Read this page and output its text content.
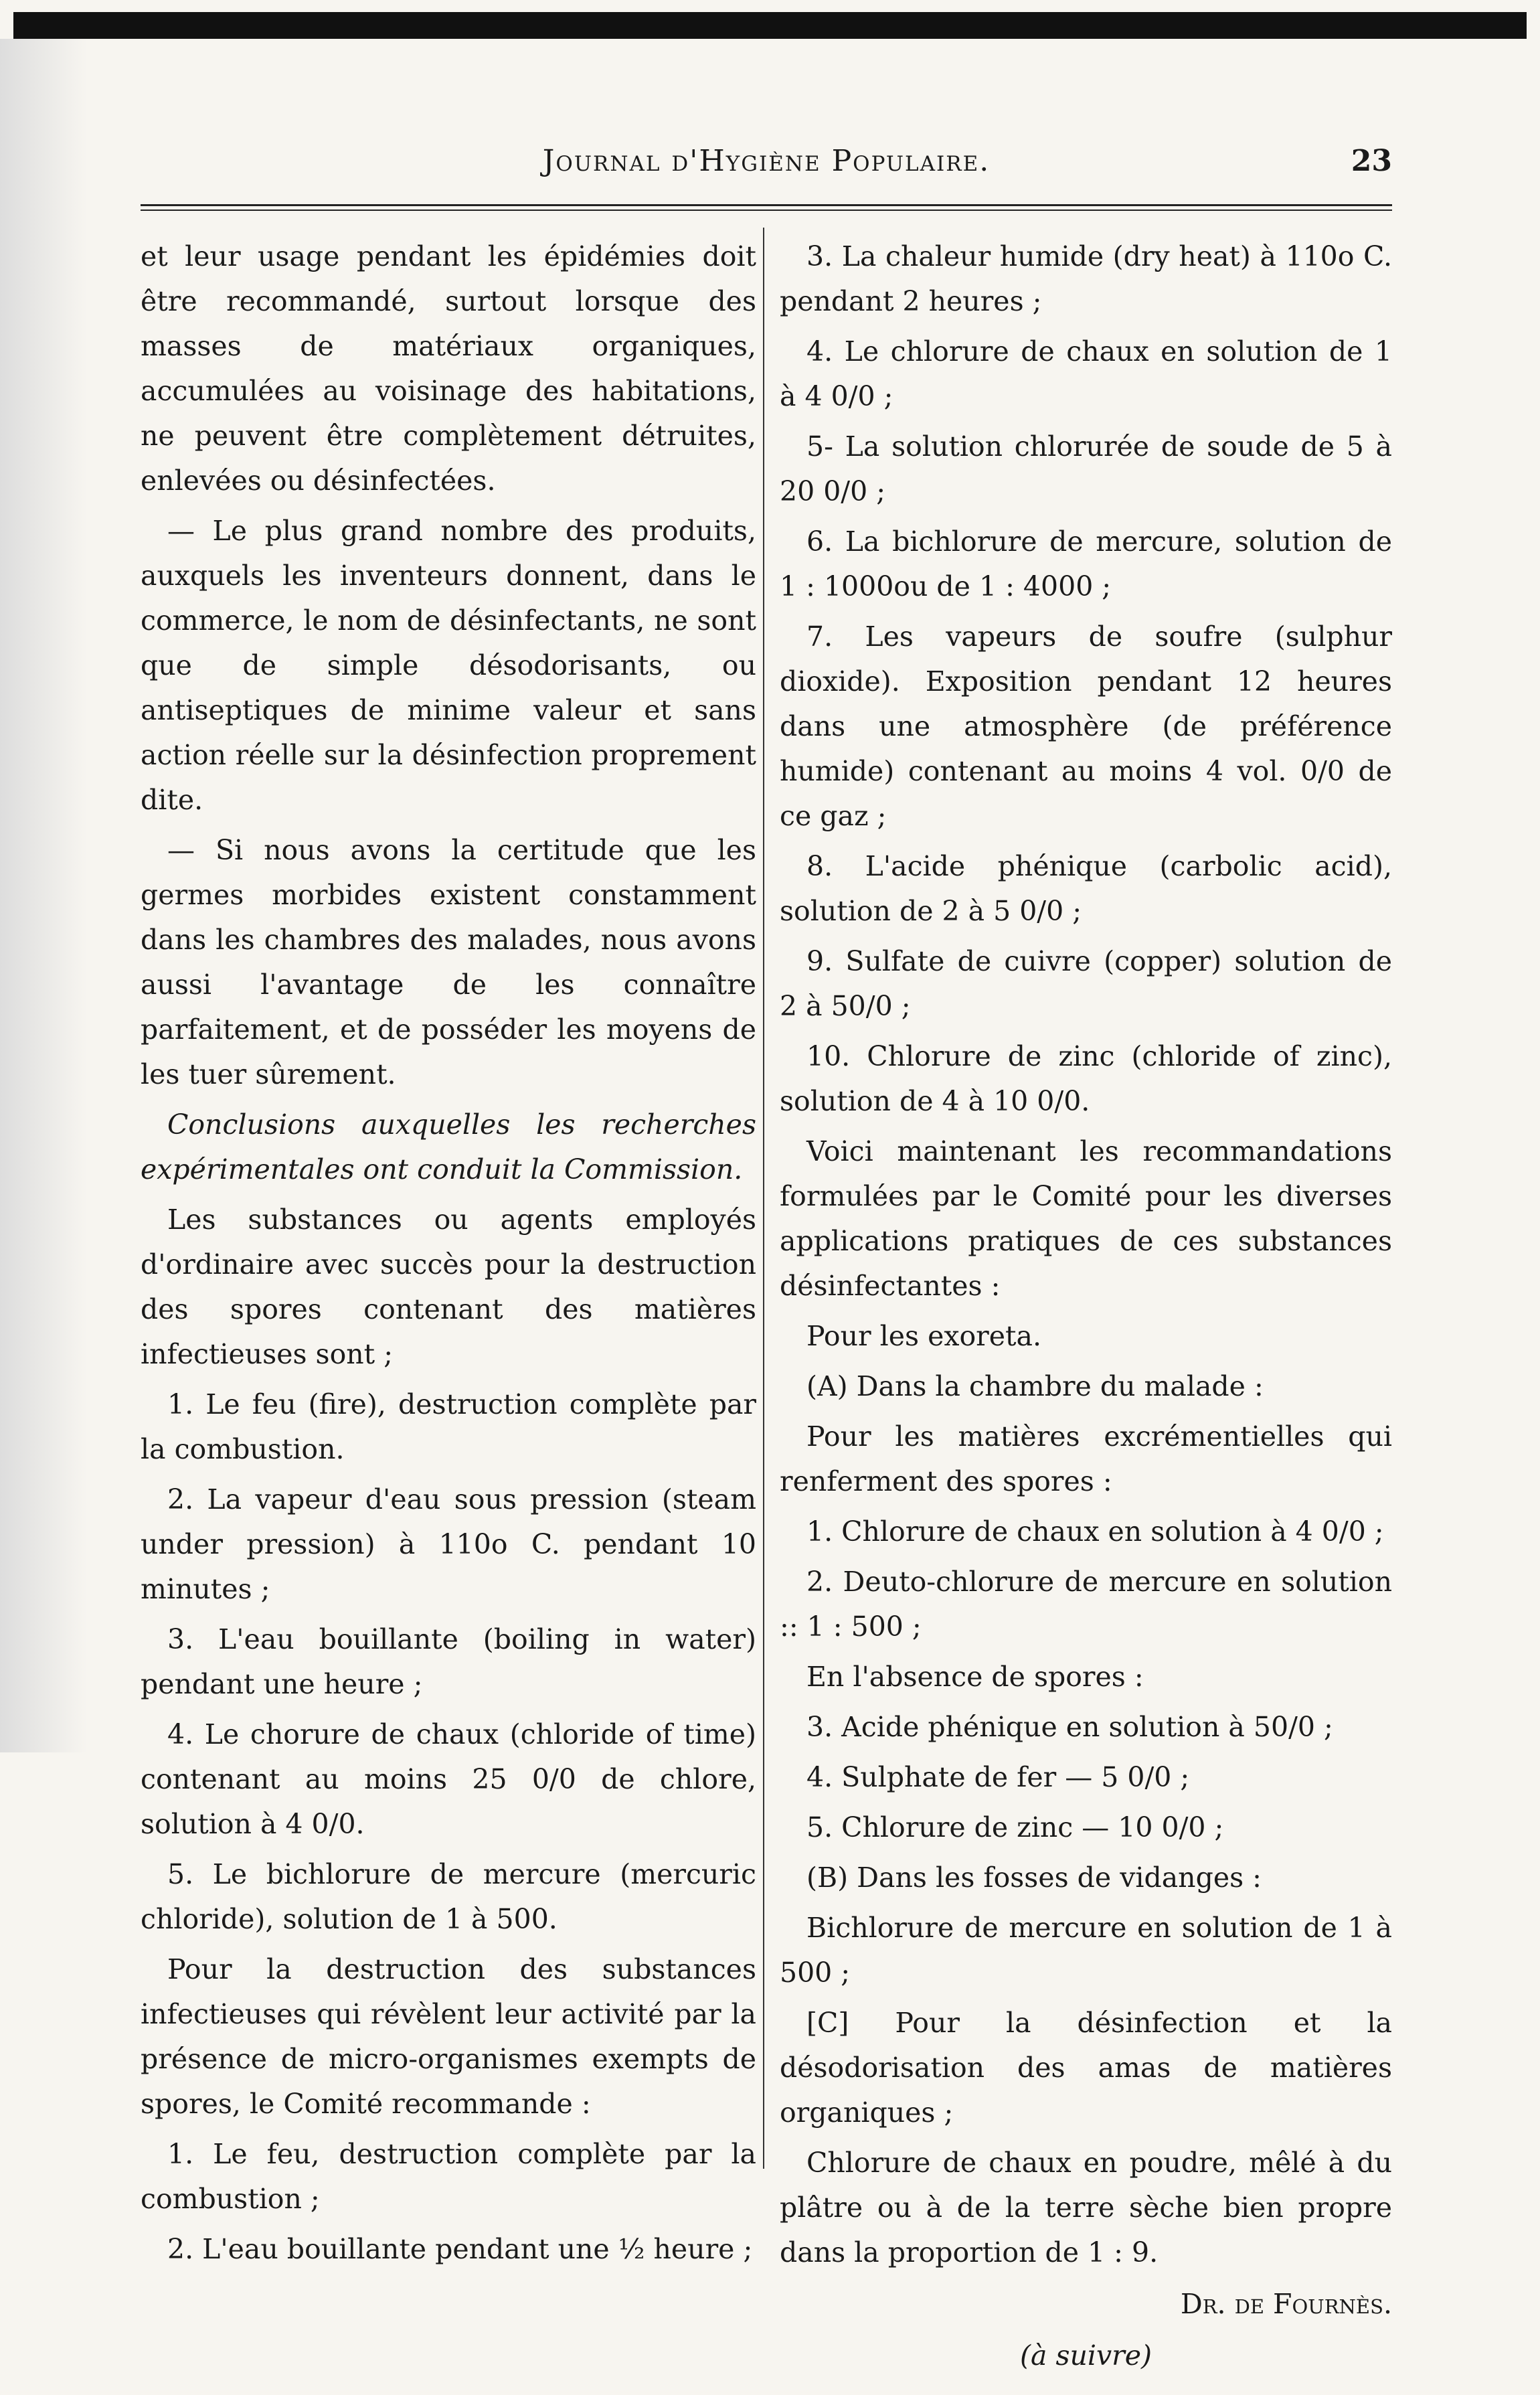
Journal d'Hygiène Populaire.	23

et leur usage pendant les épidémies doit être recommandé, surtout lorsque des masses de matériaux organiques, accumulées au voisinage des habitations, ne peuvent être complètement détruites, enlevées ou désinfectées.

— Le plus grand nombre des produits, auxquels les inventeurs donnent, dans le commerce, le nom de désinfectants, ne sont que de simple désodorisants, ou antiseptiques de minime valeur et sans action réelle sur la désinfection proprement dite.

— Si nous avons la certitude que les germes morbides existent constamment dans les chambres des malades, nous avons aussi l'avantage de les connaître parfaitement, et de posséder les moyens de les tuer sûrement.

Conclusions auxquelles les recherches expérimentales ont conduit la Commission.

Les substances ou agents employés d'ordinaire avec succès pour la destruction des spores contenant des matières infectieuses sont ;

1. Le feu (fire), destruction complète par la combustion.

2. La vapeur d'eau sous pression (steam under pression) à 110o C. pendant 10 minutes ;

3. L'eau bouillante (boiling in water) pendant une heure ;

4. Le chorure de chaux (chloride of time) contenant au moins 25 0/0 de chlore, solution à 4 0/0.

5. Le bichlorure de mercure (mercuric chloride), solution de 1 à 500.

Pour la destruction des substances infectieuses qui révèlent leur activité par la présence de micro-organismes exempts de spores, le Comité recommande :

1. Le feu, destruction complète par la combustion ;

2. L'eau bouillante pendant une ½ heure ;

3. La chaleur humide (dry heat) à 110o C. pendant 2 heures ;

4. Le chlorure de chaux en solution de 1 à 4 0/0 ;

5- La solution chlorurée de soude de 5 à 20 0/0 ;

6. La bichlorure de mercure, solution de 1 : 1000ou de 1 : 4000 ;

7. Les vapeurs de soufre (sulphur dioxide). Exposition pendant 12 heures dans une atmosphère (de préférence humide) contenant au moins 4 vol. 0/0 de ce gaz ;

8. L'acide phénique (carbolic acid), solution de 2 à 5 0/0 ;

9. Sulfate de cuivre (copper) solution de 2 à 50/0 ;

10. Chlorure de zinc (chloride of zinc), solution de 4 à 10 0/0.

Voici maintenant les recommandations formulées par le Comité pour les diverses applications pratiques de ces substances désinfectantes :

Pour les exoreta.

(A) Dans la chambre du malade :

Pour les matières excrémentielles qui renferment des spores :

1. Chlorure de chaux en solution à 4 0/0 ;

2. Deuto-chlorure de mercure en solution :: 1 : 500 ;

En l'absence de spores :

3. Acide phénique en solution à 50/0 ;

4. Sulphate de fer — 5 0/0 ;

5. Chlorure de zinc — 10 0/0 ;

(B) Dans les fosses de vidanges :

Bichlorure de mercure en solution de 1 à 500 ;

[C] Pour la désinfection et la désodorisation des amas de matières organiques ;

Chlorure de chaux en poudre, mêlé à du plâtre ou à de la terre sèche bien propre dans la proportion de 1 : 9.

Dr. de Fournès.

(à suivre)
